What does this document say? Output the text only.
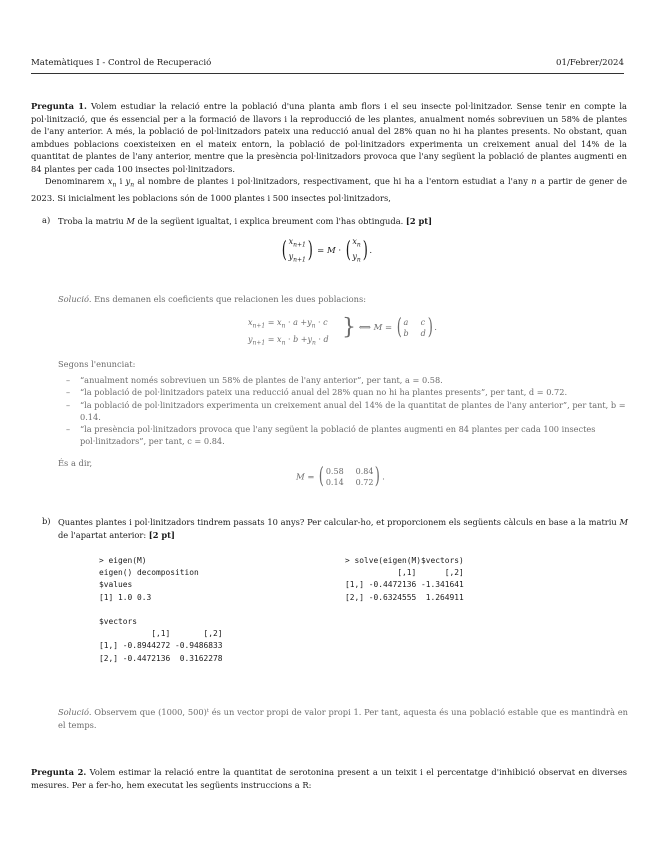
Matemàtiques I - Control de Recuperació	01/Febrer/2024
Pregunta 1. Volem estudiar la relació entre la població d'una planta amb flors i el seu insecte pol·linitzador. Sense tenir en compte la pol·linització, que és essencial per a la formació de llavors i la reproducció de les plantes, anualment només sobreviuen un 58% de plantes de l'any anterior. A més, la població de pol·linitzadors pateix una reducció anual del 28% quan no hi ha plantes presents. No obstant, quan ambdues poblacions coexisteixen en el mateix entorn, la població de pol·linitzadors experimenta un creixement anual del 14% de la quantitat de plantes de l'any anterior, mentre que la presència pol·linitzadors provoca que l'any següent la població de plantes augmenti en 84 plantes per cada 100 insectes pol·linitzadors.
Denominarem $x_n$ i $y_n$ al nombre de plantes i pol·linitzadors, respectivament, que hi ha a l'entorn estudiat a l'any n a partir de gener de 2023. Si inicialment les poblacions són de 1000 plantes i 500 insectes pol·linitzadors,
a) Troba la matriu M de la següent igualtat, i explica breument com l'has obtinguda. [2 pt]
( $x_{n+1}$
$y_{n+1}$ ) = M · ( $x_n$
$y_n$ ) .
Solució. Ens demanen els coeficients que relacionen les dues poblacions:
$x_{n+1} = x_n \cdot a +y_n \cdot c$
$y_{n+1} = x_n \cdot b +y_n \cdot d$ } ⟺ M = ( a c
b d ) .
Segons l'enunciat:
– “anualment només sobreviuen un 58% de plantes de l'any anterior”, per tant, a = 0.58.
– “la població de pol·linitzadors pateix una reducció anual del 28% quan no hi ha plantes presents”, per tant, d = 0.72.
– “la població de pol·linitzadors experimenta un creixement anual del 14% de la quantitat de plantes de l'any anterior”, per tant, b = 0.14.
– “la presència pol·linitzadors provoca que l'any següent la població de plantes augmenti en 84 plantes per cada 100 insectes pol·linitzadors”, per tant, c = 0.84.
És a dir,
M = ( 0.58 0.84
0.14 0.72 ) .
b) Quantes plantes i pol·linitzadors tindrem passats 10 anys? Per calcular-ho, et proporcionem els següents càlculs en base a la matriu M de l'apartat anterior: [2 pt]
> eigen(M)
eigen() decomposition
$values
[1] 1.0 0.3

$vectors
[,1]       [,2]
[1,] -0.8944272 -0.9486833
[2,] -0.4472136  0.3162278
> solve(eigen(M)$vectors)
[,1]      [,2]
[1,] -0.4472136 -1.341641
[2,] -0.6324555  1.264911
Solució. Observem que (1000, 500)ᵗ és un vector propi de valor propi 1. Per tant, aquesta és una població estable que es mantindrà en el temps.
Pregunta 2. Volem estimar la relació entre la quantitat de serotonina present a un teixit i el percentatge d'inhibició observat en diverses mesures. Per a fer-ho, hem executat les següents instruccions a R:
